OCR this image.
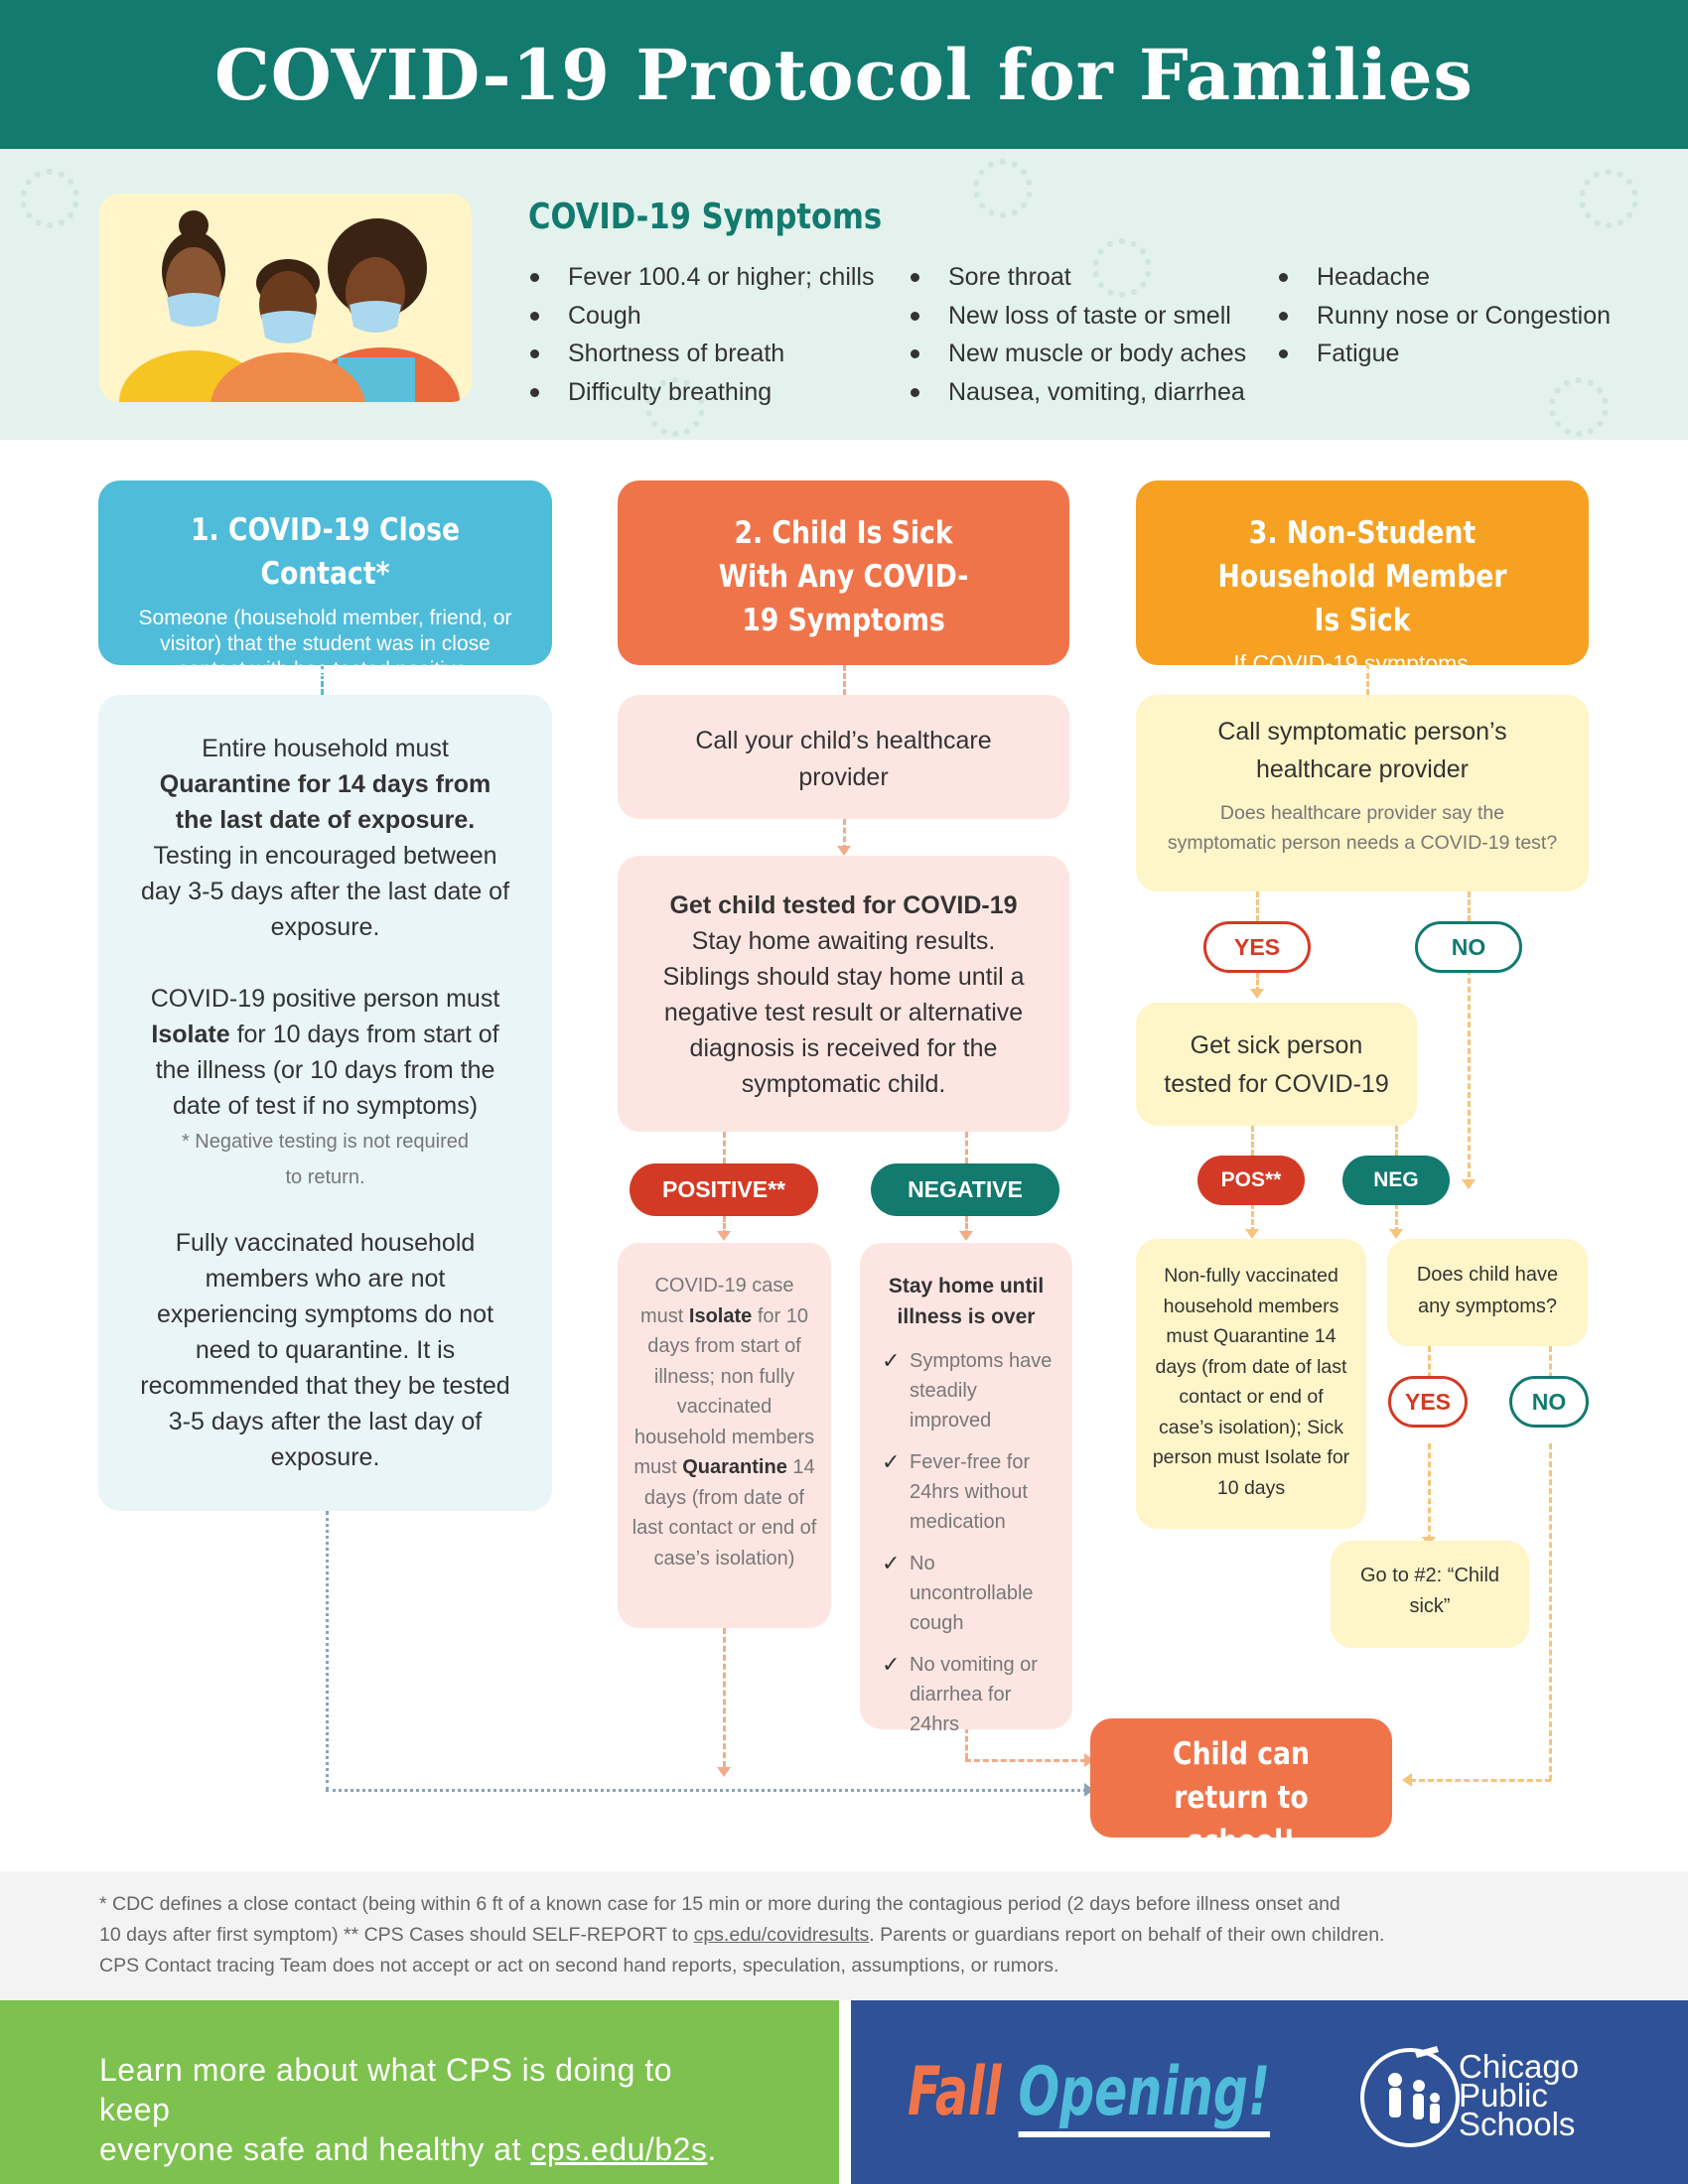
COVID-19 Protocol for Families
COVID-19 Symptoms
Fever 100.4 or higher; chills
Cough
Shortness of breath
Difficulty breathing
Sore throat
New loss of taste or smell
New muscle or body aches
Nausea, vomiting, diarrhea
Headache
Runny nose or Congestion
Fatigue
1. COVID-19 Close Contact*
Someone (household member, friend, or visitor) that the student was in close contact with has tested positive.

Entire household must
Quarantine for 14 days from the last date of exposure. Testing in encouraged between day 3-5 days after the last date of exposure.

COVID-19 positive person must Isolate for 10 days from start of the illness (or 10 days from the date of test if no symptoms)

* Negative testing is not required to return.

Fully vaccinated household members who are not experiencing symptoms do not need to quarantine. It is recommended that they be tested 3-5 days after the last day of exposure.

2. Child Is Sick With Any COVID-19 Symptoms
Call your child’s healthcare provider
Get child tested for COVID-19
Stay home awaiting results. Siblings should stay home until a negative test result or alternative diagnosis is received for the symptomatic child.
POSITIVE**	NEGATIVE
COVID-19 case must Isolate for 10 days from start of illness; non fully vaccinated household members must Quarantine 14 days (from date of last contact or end of case’s isolation)
Stay home until illness is over
✓ Symptoms have steadily improved
✓ Fever-free for 24hrs without medication
✓ No uncontrollable cough
✓ No vomiting or diarrhea for 24hrs
3. Non-Student Household Member Is Sick
If COVID-19 symptoms…
Call symptomatic person’s healthcare provider
Does healthcare provider say the symptomatic person needs a COVID-19 test?
YES	NO
Get sick person tested for COVID-19
POS**	NEG
Non-fully vaccinated household members must Quarantine 14 days (from date of last contact or end of case’s isolation); Sick person must Isolate for 10 days
Does child have any symptoms?
YES	NO
Go to #2: “Child sick”
Child can return to school!
* CDC defines a close contact (being within 6 ft of a known case for 15 min or more during the contagious period (2 days before illness onset and
10 days after first symptom) ** CPS Cases should SELF-REPORT to cps.edu/covidresults. Parents or guardians report on behalf of their own children.
CPS Contact tracing Team does not accept or act on second hand reports, speculation, assumptions, or rumors.
Learn more about what CPS is doing to keep
everyone safe and healthy at cps.edu/b2s.
Fall Opening!	Chicago
Public
Schools
